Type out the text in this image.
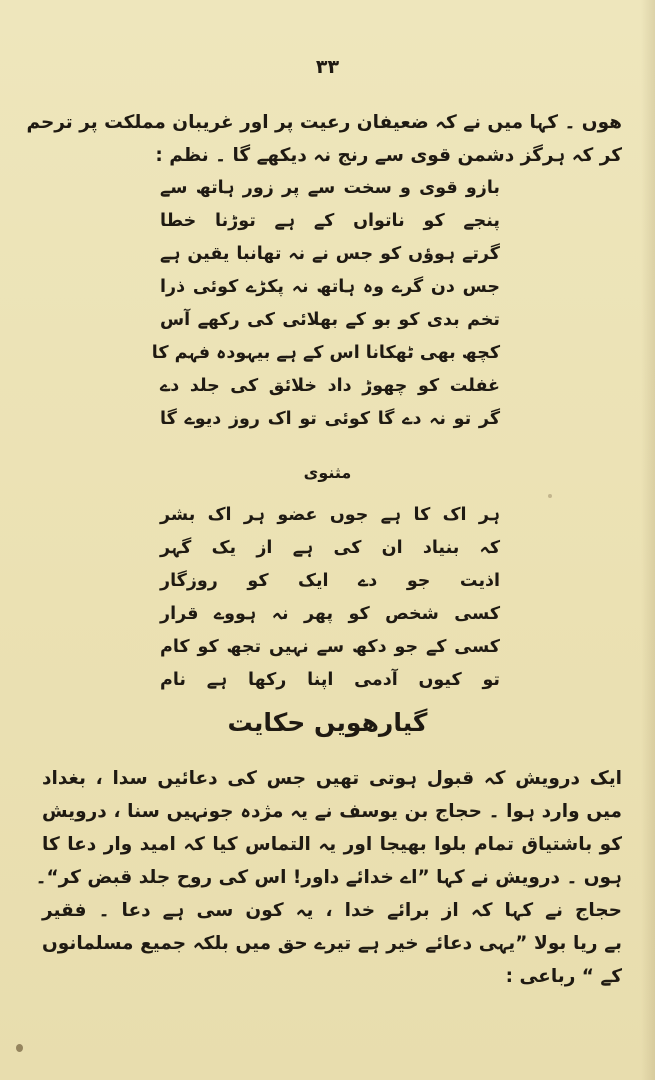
۳۳
هوں ۔ کہا میں نے کہ ضعیفان رعیت پر اور غریبان مملکت پر ترحم
کر کہ ہرگز دشمن قوی سے رنج نہ دیکھے گا ۔ نظم :
بازو قوی و سخت سے پر زور ہاتھ سے
پنجے کو ناتواں کے ہے توڑنا خطا
گرتے ہوؤں کو جس نے نہ تھانبا یقین ہے
جس دن گرے وہ ہاتھ نہ پکڑے کوئی ذرا
تخم بدی کو بو کے بھلائی کی رکھے آس
کچھ بھی ٹھکانا اس کے ہے بیہودہ فہم کا
غفلت کو چھوڑ داد خلائق کی جلد دے
گر تو نہ دے گا کوئی تو اک روز دیوے گا
مثنوی
ہر اک کا ہے جوں عضو ہر اک بشر
کہ بنیاد ان کی ہے از یک گہر
اذیت جو دے ایک کو روزگار
کسی شخص کو پھر نہ ہووے قرار
کسی کے جو دکھ سے نہیں تجھ کو کام
تو کیوں آدمی اپنا رکھا ہے نام
گیارھویں حکایت
ایک درویش کہ قبول ہوتی تھیں جس کی دعائیں سدا ، بغداد
میں وارد ہوا ۔ حجاج بن یوسف نے یہ مژدہ جونہیں سنا ، درویش
کو باشتیاق تمام بلوا بھیجا اور یہ التماس کیا کہ امید وار دعا کا
ہوں ۔ درویش نے کہا ”اے خدائے داور! اس کی روح جلد قبض کر“۔
حجاج نے کہا کہ از برائے خدا ، یہ کون سی ہے دعا ۔ فقیر
بے ریا بولا ”یہی دعائے خیر ہے تیرے حق میں بلکہ جمیع مسلمانوں
کے “ رباعی :
